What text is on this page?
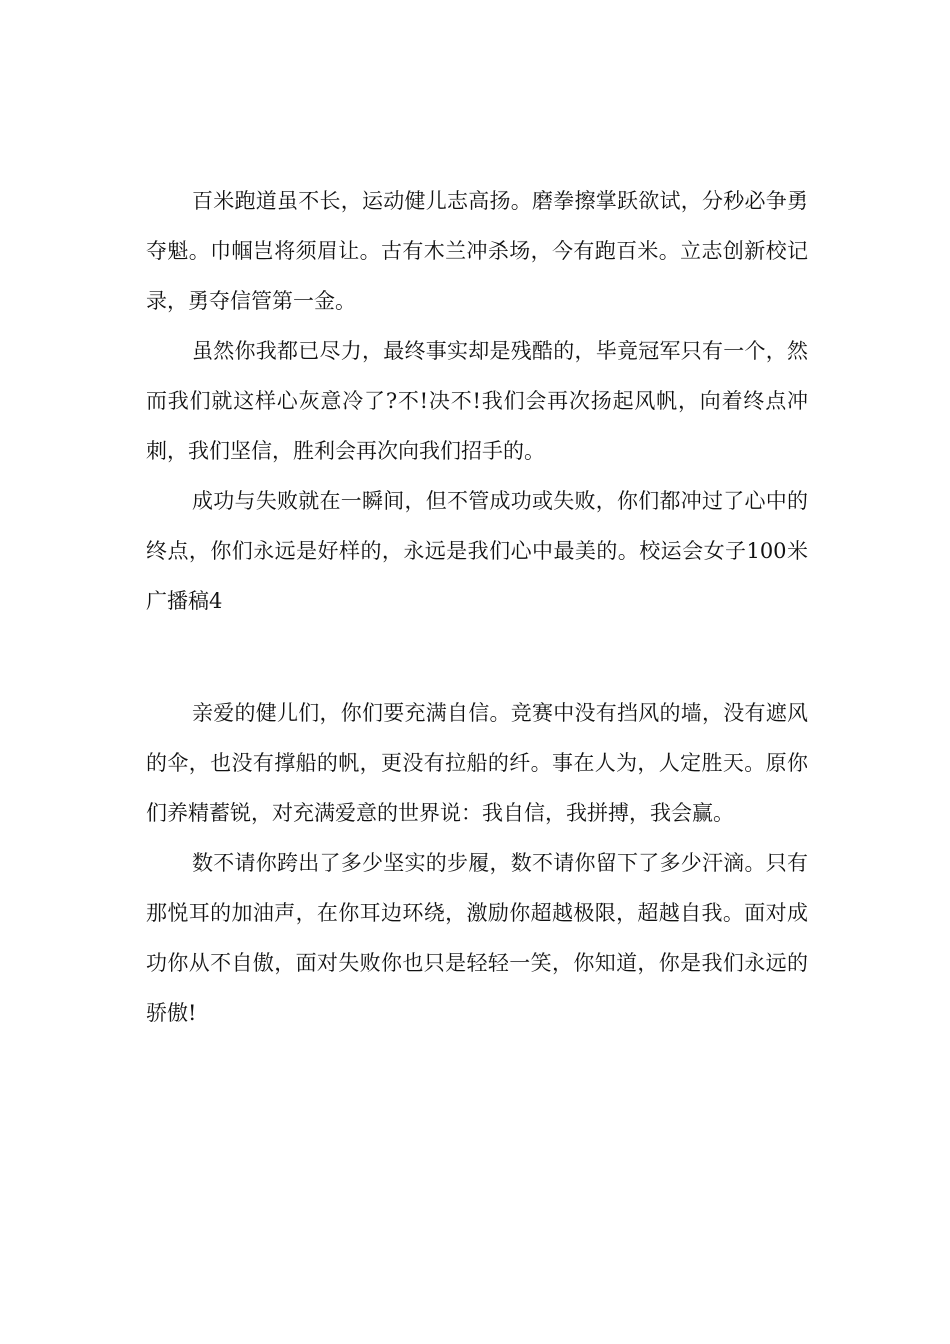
百米跑道虽不长，运动健儿志高扬。磨拳擦掌跃欲试，分秒必争勇夺魁。巾帼岂将须眉让。古有木兰冲杀场，今有跑百米。立志创新校记录，勇夺信管第一金。

虽然你我都已尽力，最终事实却是残酷的，毕竟冠军只有一个，然而我们就这样心灰意冷了?不!决不!我们会再次扬起风帆，向着终点冲刺，我们坚信，胜利会再次向我们招手的。

成功与失败就在一瞬间，但不管成功或失败，你们都冲过了心中的终点，你们永远是好样的，永远是我们心中最美的。校运会女子100米广播稿4

亲爱的健儿们，你们要充满自信。竞赛中没有挡风的墙，没有遮风的伞，也没有撑船的帆，更没有拉船的纤。事在人为，人定胜天。原你们养精蓄锐，对充满爱意的世界说：我自信，我拼搏，我会赢。

数不请你跨出了多少坚实的步履，数不请你留下了多少汗滴。只有那悦耳的加油声，在你耳边环绕，激励你超越极限，超越自我。面对成功你从不自傲，面对失败你也只是轻轻一笑，你知道，你是我们永远的骄傲!
